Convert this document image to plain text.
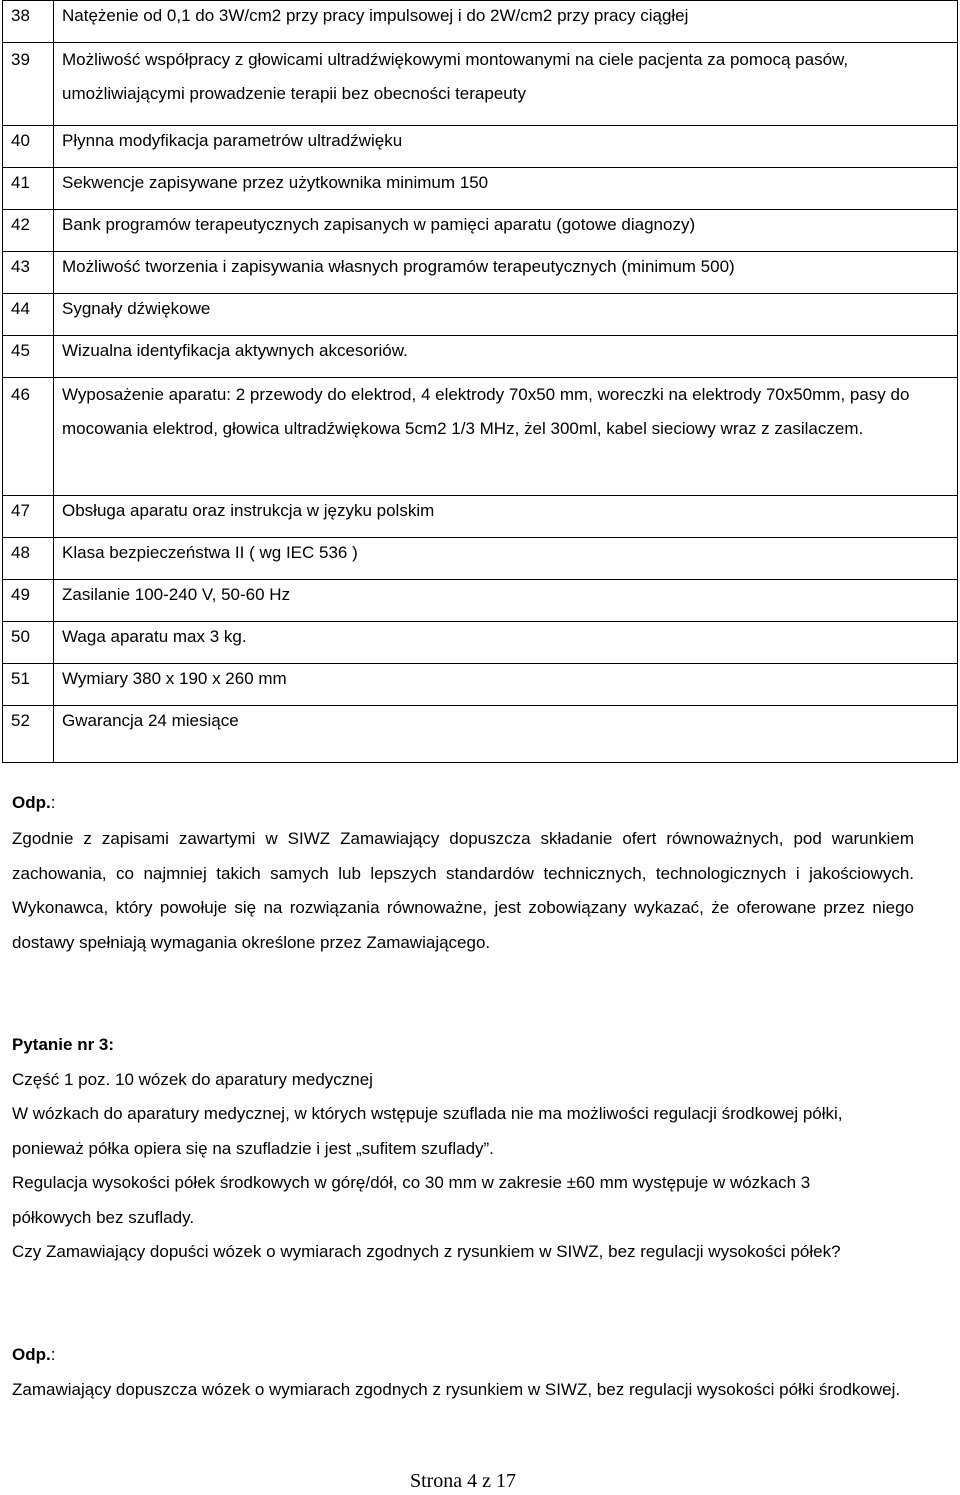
38	Natężenie od 0,1 do 3W/cm2 przy pracy impulsowej i do 2W/cm2 przy pracy ciągłej
39	Możliwość współpracy z głowicami ultradźwiękowymi montowanymi na ciele pacjenta za pomocą pasów, umożliwiającymi prowadzenie terapii bez obecności terapeuty
40	Płynna modyfikacja parametrów ultradźwięku
41	Sekwencje zapisywane przez użytkownika minimum 150
42	Bank programów terapeutycznych zapisanych w pamięci aparatu (gotowe diagnozy)
43	Możliwość tworzenia i zapisywania własnych programów terapeutycznych (minimum 500)
44	Sygnały dźwiękowe
45	Wizualna identyfikacja aktywnych akcesoriów.
46	Wyposażenie aparatu: 2 przewody do elektrod, 4 elektrody 70x50 mm, woreczki na elektrody 70x50mm, pasy do mocowania elektrod, głowica ultradźwiękowa 5cm2 1/3 MHz, żel 300ml, kabel sieciowy wraz z zasilaczem.
47	Obsługa aparatu oraz instrukcja w języku polskim
48	Klasa bezpieczeństwa II ( wg IEC 536 )
49	Zasilanie 100-240 V, 50-60 Hz
50	Waga aparatu max 3 kg.
51	Wymiary 380 x 190 x 260 mm
52	Gwarancja 24 miesiące

Odp.:

Zgodnie z zapisami zawartymi w SIWZ Zamawiający dopuszcza składanie ofert równoważnych, pod warunkiem zachowania, co najmniej takich samych lub lepszych standardów technicznych, technologicznych i jakościowych. Wykonawca, który powołuje się na rozwiązania równoważne, jest zobowiązany wykazać, że oferowane przez niego dostawy spełniają wymagania określone przez Zamawiającego.

Pytanie nr 3:

Część 1 poz. 10 wózek do aparatury medycznej

W wózkach do aparatury medycznej, w których wstępuje szuflada nie ma możliwości regulacji środkowej półki, ponieważ półka opiera się na szufladzie i jest „sufitem szuflady”.

Regulacja wysokości półek środkowych w górę/dół, co 30 mm w zakresie ±60 mm występuje w wózkach 3 półkowych bez szuflady.

Czy Zamawiający dopuści wózek o wymiarach zgodnych z rysunkiem w SIWZ, bez regulacji wysokości półek?

Odp.:

Zamawiający dopuszcza wózek o wymiarach zgodnych z rysunkiem w SIWZ, bez regulacji wysokości półki środkowej.

Strona 4 z 17
